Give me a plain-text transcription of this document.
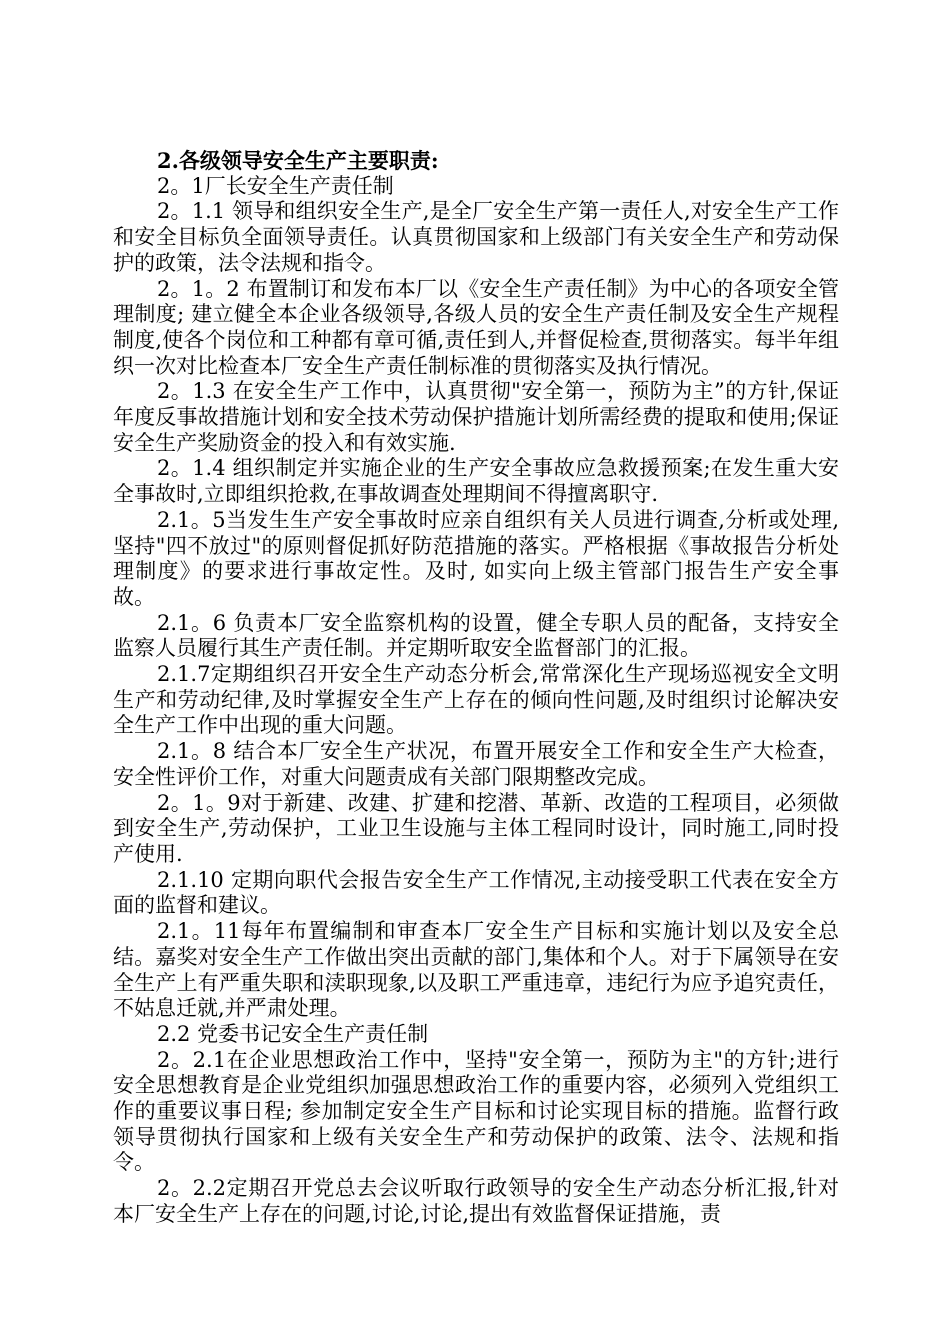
2.各级领导安全生产主要职责:

2。1厂长安全生产责任制

2。1.1 领导和组织安全生产,是全厂安全生产第一责任人,对安全生产工作和安全目标负全面领导责任。认真贯彻国家和上级部门有关安全生产和劳动保护的政策，法令法规和指令。

2。1。2 布置制订和发布本厂以《安全生产责任制》为中心的各项安全管理制度; 建立健全本企业各级领导,各级人员的安全生产责任制及安全生产规程制度,使各个岗位和工种都有章可循,责任到人,并督促检查,贯彻落实。每半年组织一次对比检查本厂安全生产责任制标准的贯彻落实及执行情况。

2。1.3 在安全生产工作中，认真贯彻"安全第一，预防为主”的方针,保证年度反事故措施计划和安全技术劳动保护措施计划所需经费的提取和使用;保证安全生产奖励资金的投入和有效实施.

2。1.4 组织制定并实施企业的生产安全事故应急救援预案;在发生重大安全事故时,立即组织抢救,在事故调查处理期间不得擅离职守.

2.1。5当发生生产安全事故时应亲自组织有关人员进行调查,分析或处理,坚持"四不放过"的原则督促抓好防范措施的落实。严格根据《事故报告分析处理制度》的要求进行事故定性。及时, 如实向上级主管部门报告生产安全事故。

2.1。6 负责本厂安全监察机构的设置，健全专职人员的配备，支持安全监察人员履行其生产责任制。并定期听取安全监督部门的汇报。

2.1.7定期组织召开安全生产动态分析会,常常深化生产现场巡视安全文明生产和劳动纪律,及时掌握安全生产上存在的倾向性问题,及时组织讨论解决安全生产工作中出现的重大问题。

2.1。8 结合本厂安全生产状况，布置开展安全工作和安全生产大检查，安全性评价工作，对重大问题责成有关部门限期整改完成。

2。1。9对于新建、改建、扩建和挖潜、革新、改造的工程项目，必须做到安全生产,劳动保护，工业卫生设施与主体工程同时设计，同时施工,同时投产使用.

2.1.10 定期向职代会报告安全生产工作情况,主动接受职工代表在安全方面的监督和建议。

2.1。11每年布置编制和审查本厂安全生产目标和实施计划以及安全总结。嘉奖对安全生产工作做出突出贡献的部门,集体和个人。对于下属领导在安全生产上有严重失职和渎职现象,以及职工严重违章，违纪行为应予追究责任，不姑息迁就,并严肃处理。

2.2 党委书记安全生产责任制

2。2.1在企业思想政治工作中，坚持"安全第一，预防为主"的方针;进行安全思想教育是企业党组织加强思想政治工作的重要内容，必须列入党组织工作的重要议事日程; 参加制定安全生产目标和讨论实现目标的措施。监督行政领导贯彻执行国家和上级有关安全生产和劳动保护的政策、法令、法规和指令。

2。2.2定期召开党总去会议听取行政领导的安全生产动态分析汇报,针对本厂安全生产上存在的问题,讨论,讨论,提出有效监督保证措施，责
